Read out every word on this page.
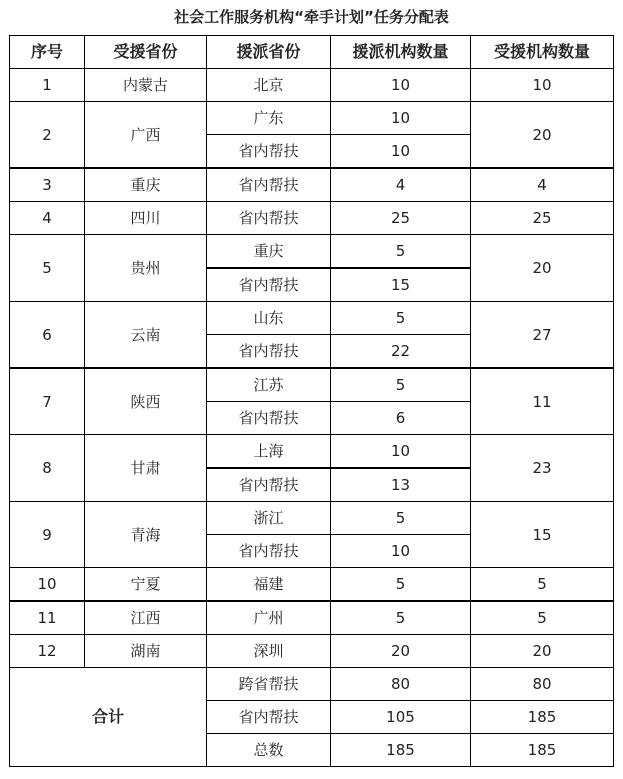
社会工作服务机构“牵手计划”任务分配表
序号	受援省份	援派省份	援派机构数量	受援机构数量
1	内蒙古	北京	10	10
2	广西	广东	10	20
		省内帮扶	10	
3	重庆	省内帮扶	4	4
4	四川	省内帮扶	25	25
5	贵州	重庆	5	20
		省内帮扶	15	
6	云南	山东	5	27
		省内帮扶	22	
7	陕西	江苏	5	11
		省内帮扶	6	
8	甘肃	上海	10	23
		省内帮扶	13	
9	青海	浙江	5	15
		省内帮扶	10	
10	宁夏	福建	5	5
11	江西	广州	5	5
12	湖南	深圳	20	20
合计		跨省帮扶	80	80
		省内帮扶	105	185
		总数	185	185
